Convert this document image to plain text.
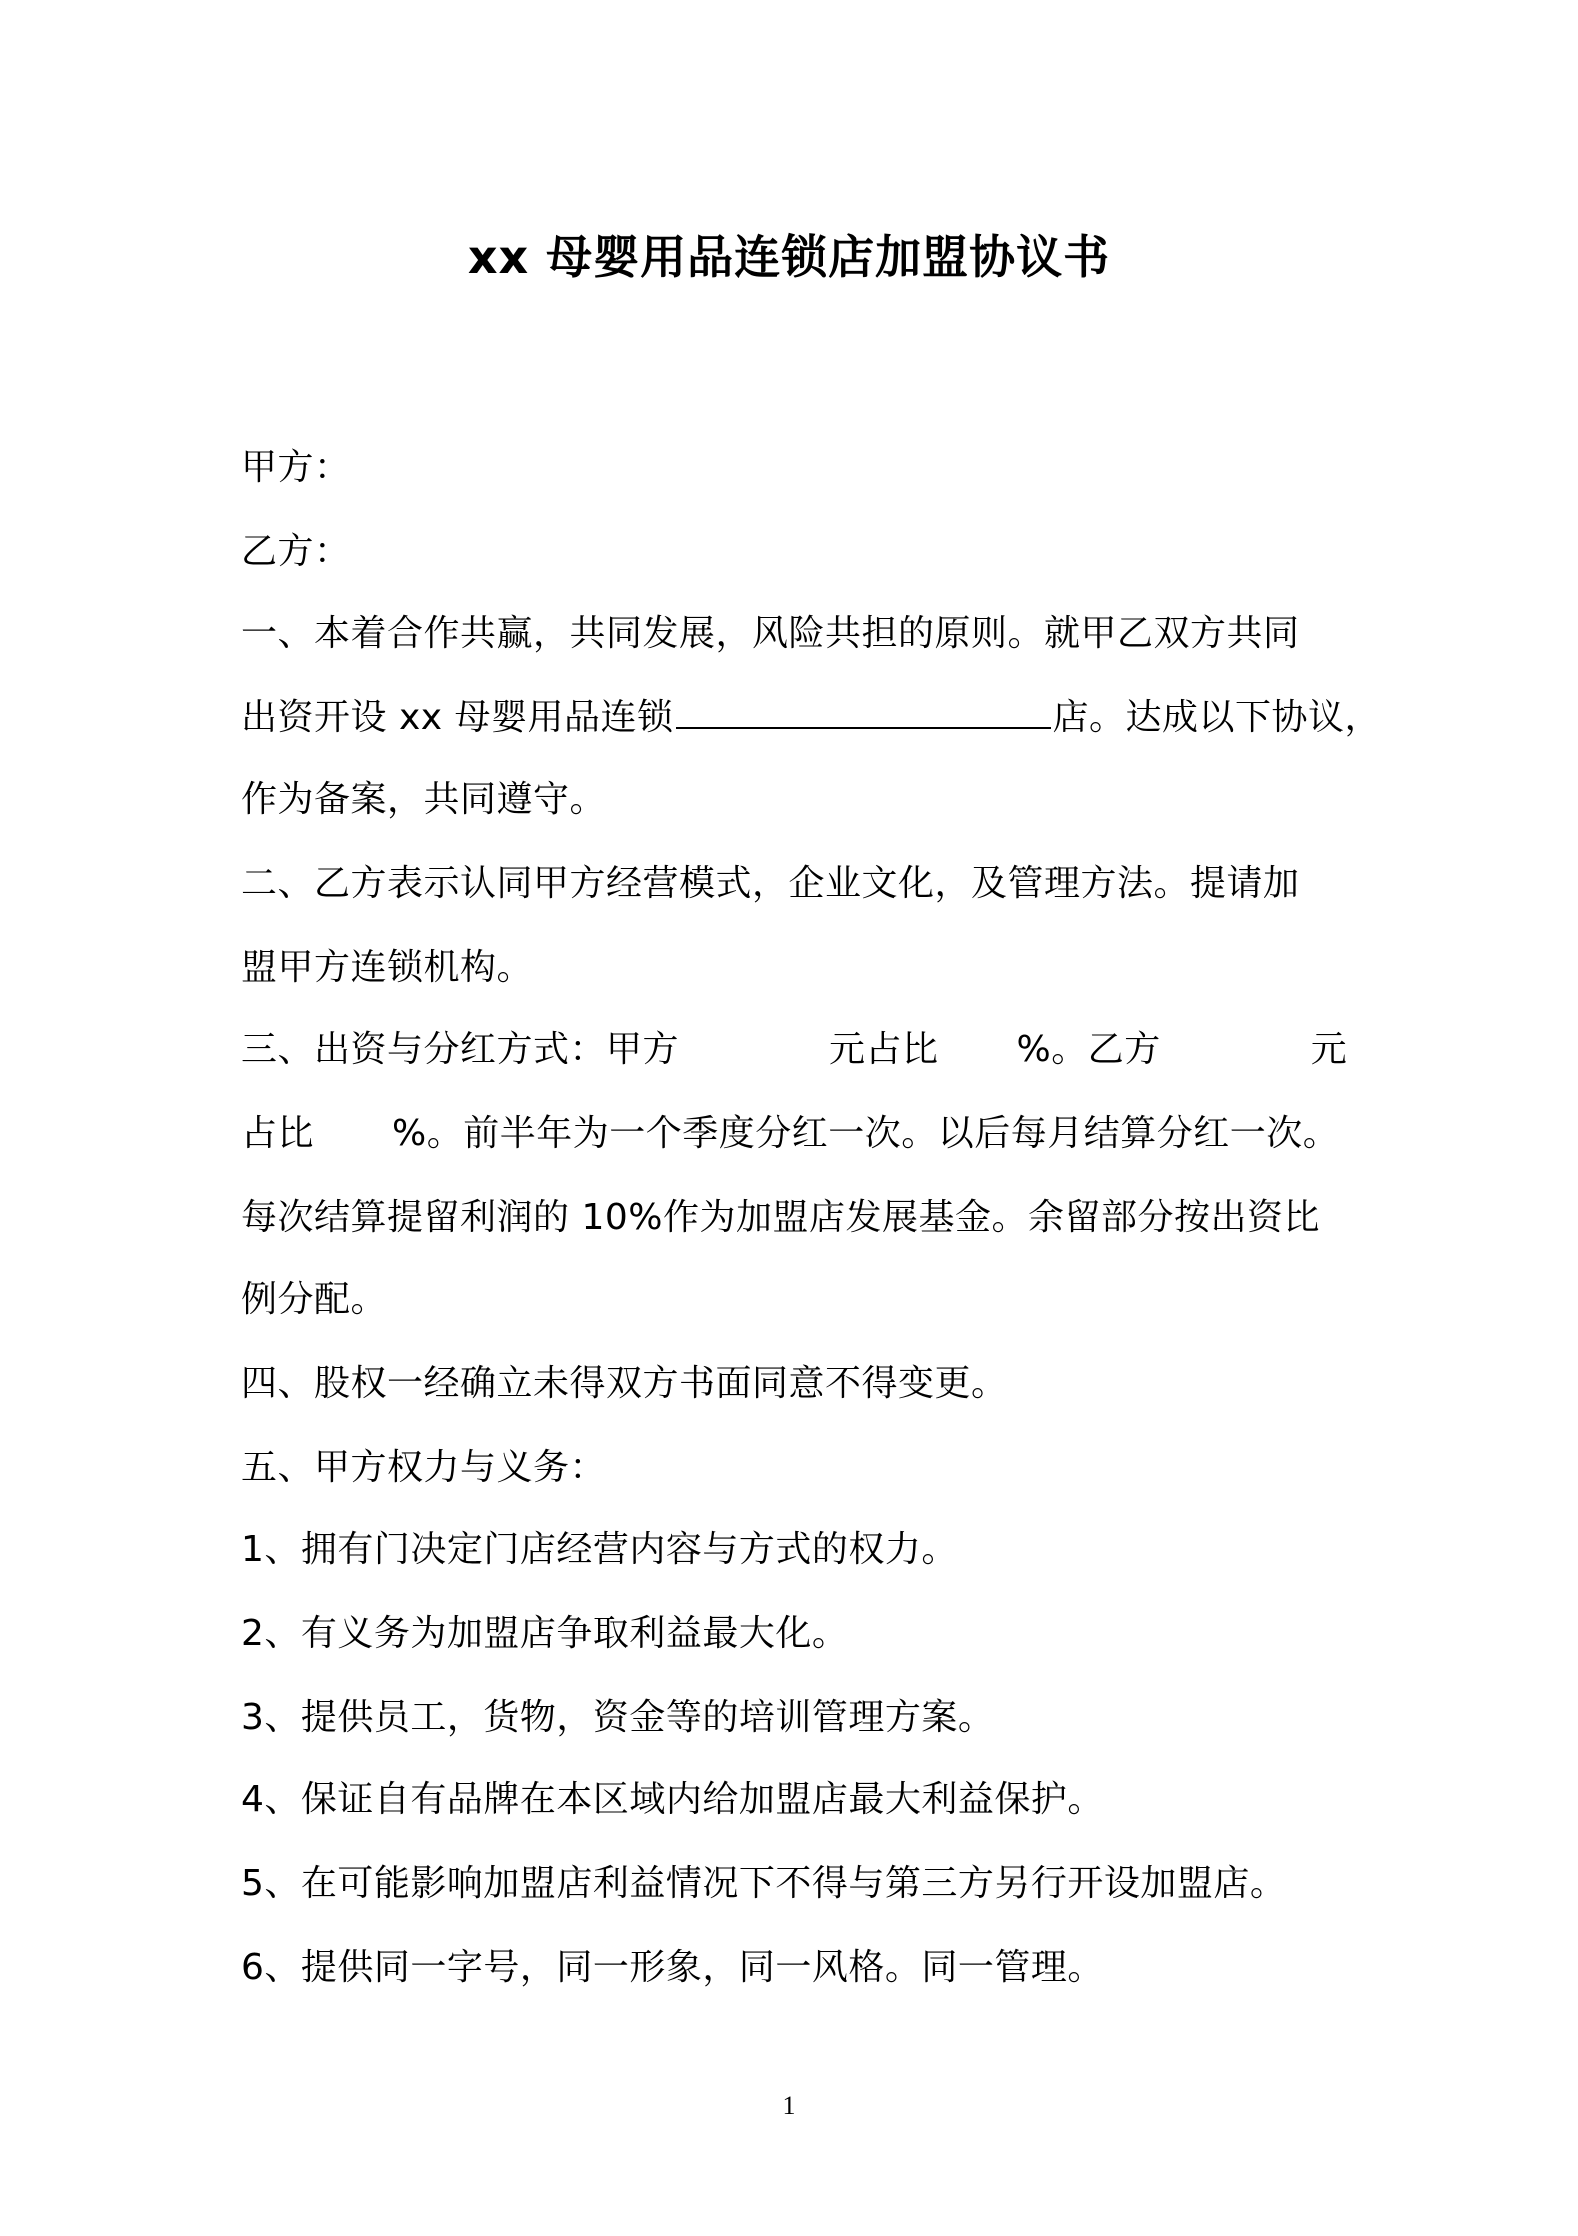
xx 母婴用品连锁店加盟协议书
甲方：
乙方：
一、本着合作共赢，共同发展，风险共担的原则。就甲乙双方共同
出资开设 xx 母婴用品连锁	店。达成以下协议，
作为备案，共同遵守。
二、乙方表示认同甲方经营模式，企业文化，及管理方法。提请加
盟甲方连锁机构。
三、出资与分红方式：甲方	元占比 %。乙方	元
占比 %。前半年为一个季度分红一次。以后每月结算分红一次。
每次结算提留利润的 10%作为加盟店发展基金。余留部分按出资比
例分配。
四、股权一经确立未得双方书面同意不得变更。
五、甲方权力与义务：
1、拥有门决定门店经营内容与方式的权力。
2、有义务为加盟店争取利益最大化。
3、提供员工，货物，资金等的培训管理方案。
4、保证自有品牌在本区域内给加盟店最大利益保护。
5、在可能影响加盟店利益情况下不得与第三方另行开设加盟店。
6、提供同一字号，同一形象，同一风格。同一管理。
1
